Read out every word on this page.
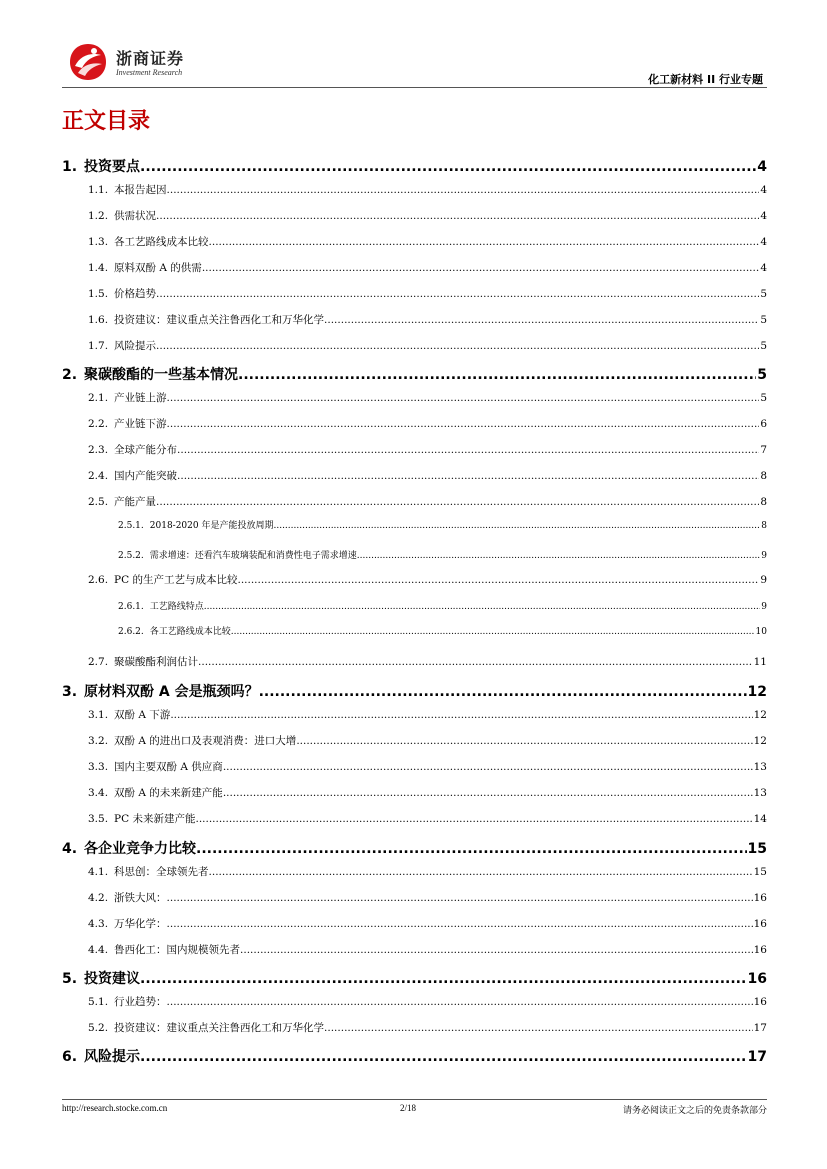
浙商证券
Investment Research
化工新材料 II 行业专题
正文目录
1. 投资要点 .....	4
1.1. 本报告起因 .....	4
1.2. 供需状况 .....	4
1.3. 各工艺路线成本比较 .....	4
1.4. 原料双酚 A 的供需 .....	4
1.5. 价格趋势 .....	5
1.6. 投资建议：建议重点关注鲁西化工和万华化学 .....	5
1.7. 风险提示 .....	5
2. 聚碳酸酯的一些基本情况 .....	5
2.1. 产业链上游 .....	5
2.2. 产业链下游 .....	6
2.3. 全球产能分布 .....	7
2.4. 国内产能突破 .....	8
2.5. 产能产量 .....	8
2.5.1. 2018-2020 年是产能投放周期 .....	8
2.5.2. 需求增速：还看汽车玻璃装配和消费性电子需求增速 .....	9
2.6. PC 的生产工艺与成本比较 .....	9
2.6.1. 工艺路线特点 .....	9
2.6.2. 各工艺路线成本比较 .....	10
2.7. 聚碳酸酯利润估计 .....	11
3. 原材料双酚 A 会是瓶颈吗？ .....	12
3.1. 双酚 A 下游 .....	12
3.2. 双酚 A 的进出口及表观消费：进口大增 .....	12
3.3. 国内主要双酚 A 供应商 .....	13
3.4. 双酚 A 的未来新建产能 .....	13
3.5. PC 未来新建产能 .....	14
4. 各企业竞争力比较 .....	15
4.1. 科思创：全球领先者 .....	15
4.2. 浙铁大风： .....	16
4.3. 万华化学： .....	16
4.4. 鲁西化工：国内规模领先者 .....	16
5. 投资建议 .....	16
5.1. 行业趋势： .....	16
5.2. 投资建议：建议重点关注鲁西化工和万华化学 .....	17
6. 风险提示 .....	17
http://research.stocke.com.cn	2/18	请务必阅读正文之后的免责条款部分
